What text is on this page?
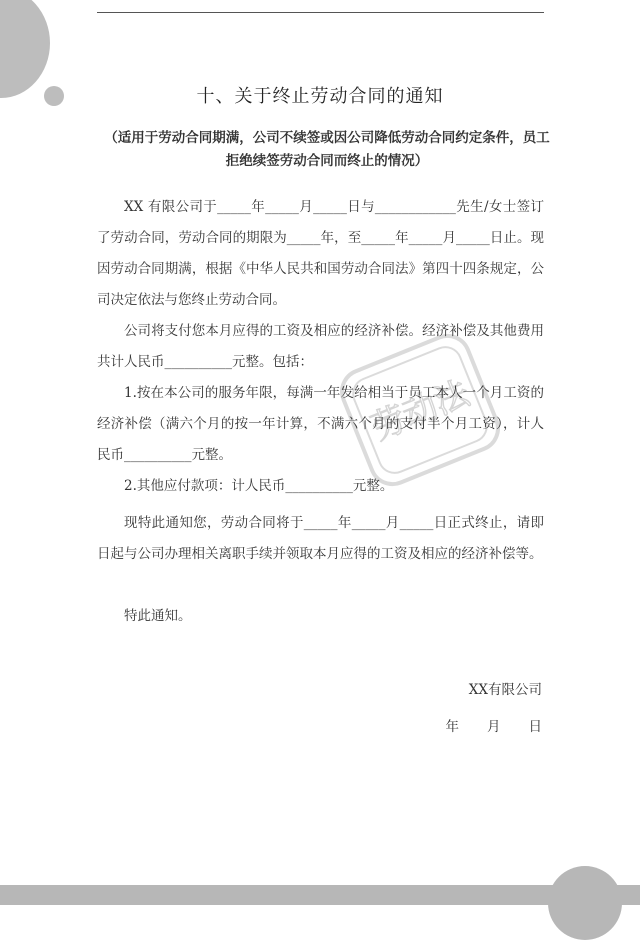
劳动法
十、关于终止劳动合同的通知
（适用于劳动合同期满，公司不续签或因公司降低劳动合同约定条件，员工拒绝续签劳动合同而终止的情况）
XX 有限公司于_____年_____月_____日与____________先生/女士签订了劳动合同，劳动合同的期限为_____年，至_____年_____月_____日止。现因劳动合同期满，根据《中华人民共和国劳动合同法》第四十四条规定，公司决定依法与您终止劳动合同。
公司将支付您本月应得的工资及相应的经济补偿。经济补偿及其他费用共计人民币__________元整。包括：
1.按在本公司的服务年限，每满一年发给相当于员工本人一个月工资的经济补偿（满六个月的按一年计算，不满六个月的支付半个月工资），计人民币__________元整。
2.其他应付款项：计人民币__________元整。
现特此通知您，劳动合同将于_____年_____月_____日正式终止，请即日起与公司办理相关离职手续并领取本月应得的工资及相应的经济补偿等。
特此通知。
XX有限公司
年 月 日
